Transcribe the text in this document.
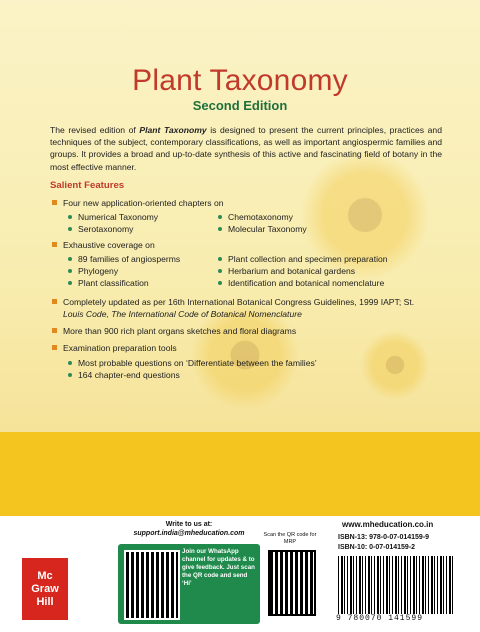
Plant Taxonomy
Second Edition
The revised edition of Plant Taxonomy is designed to present the current principles, practices and techniques of the subject, contemporary classifications, as well as important angiospermic families and groups. It provides a broad and up-to-date synthesis of this active and fascinating field of botany in the most effective manner.
Salient Features
Four new application-oriented chapters on
Numerical Taxonomy
Serotaxonomy
Chemotaxonomy
Molecular Taxonomy
Exhaustive coverage on
89 families of angiosperms
Phylogeny
Plant classification
Plant collection and specimen preparation
Herbarium and botanical gardens
Identification and botanical nomenclature
Completely updated as per 16th International Botanical Congress Guidelines, 1999 IAPT; St.
Louis Code, The International Code of Botanical Nomenclature
More than 900 rich plant organs sketches and floral diagrams
Examination preparation tools
Most probable questions on ‘Differentiate between the families’
164 chapter-end questions
Mc
Graw
Hill
Write to us at:
support.india@mheducation.com
Join our WhatsApp channel for updates & to give feedback. Just scan the QR code and send ‘Hi’
Scan the QR code for MRP
www.mheducation.co.in
ISBN-13: 978-0-07-014159-9
ISBN-10: 0-07-014159-2
9 780070 141599
